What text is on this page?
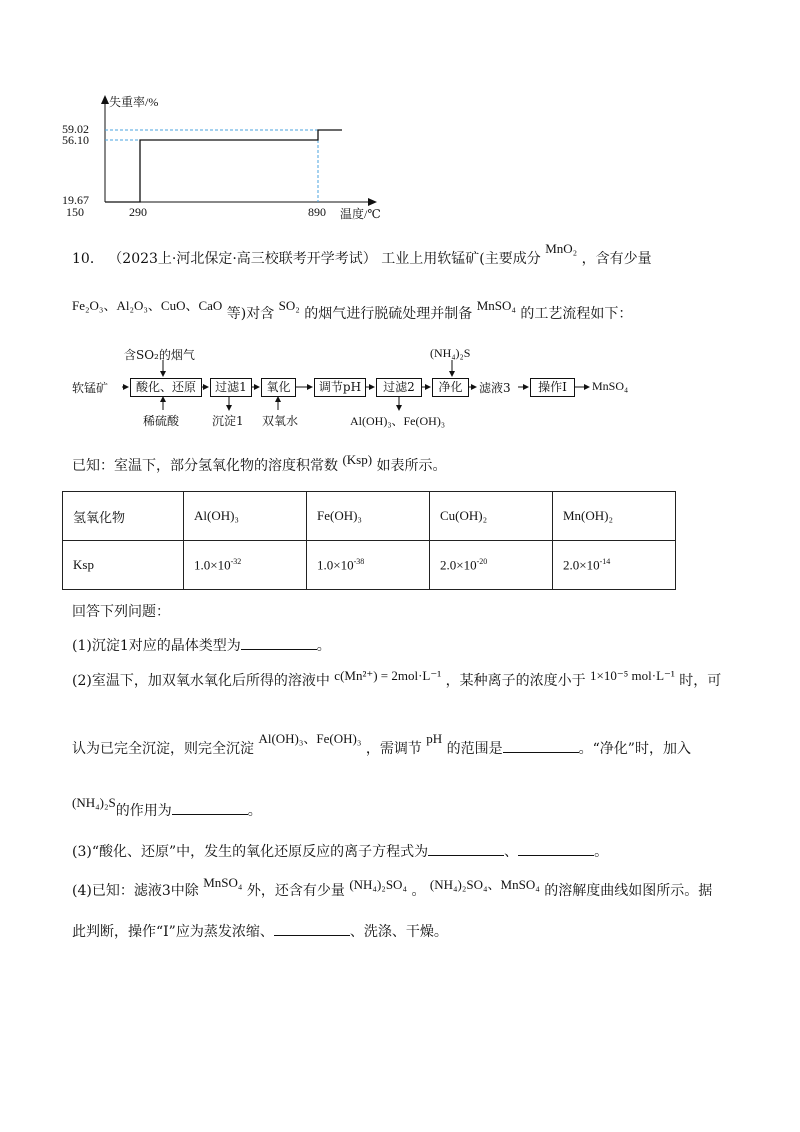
失重率/%
59.02
56.10
19.67
150	290	890 温度/℃
10． （2023上·河北保定·高三校联考开学考试） 工业上用软锰矿(主要成分 MnO₂ ，含有少量
Fe₂O₃、Al₂O₃、CuO、CaO 等)对含 SO₂ 的烟气进行脱硫处理并制备 MnSO₄ 的工艺流程如下：
软锰矿
含SO₂的烟气
酸化、还原	过滤1	氧化	调节pH	过滤2	净化
稀硫酸	沉淀1 双氧水	Al(OH)₃、Fe(OH)₃
(NH₄)₂S
滤液3	操作I	MnSO₄
已知：室温下，部分氢氧化物的溶度积常数 (Ksp) 如表所示。
氢氧化物	Al(OH)₃	Fe(OH)₃	Cu(OH)₂	Mn(OH)₂
Ksp	$1.0\times 10^{-32}$	$1.0\times 10^{-38}$	$2.0\times 10^{-20}$	$2.0\times 10^{-14}$
回答下列问题：
(1)沉淀1对应的晶体类型为	。
(2)室温下，加双氧水氧化后所得的溶液中 c(Mn²⁺) = 2mol·L⁻¹ ，某种离子的浓度小于 1×10⁻⁵ mol·L⁻¹ 时，可
认为已完全沉淀，则完全沉淀 Al(OH)₃、Fe(OH)₃ ，需调节 pH 的范围是	。“净化”时，加入
(NH₄)₂S的作用为	。
(3)“酸化、还原”中，发生的氧化还原反应的离子方程式为	、	。
(4)已知：滤液3中除 MnSO₄ 外，还含有少量 (NH₄)₂SO₄ 。 (NH₄)₂SO₄、MnSO₄ 的溶解度曲线如图所示。据
此判断，操作“I”应为蒸发浓缩、	、洗涤、干燥。
